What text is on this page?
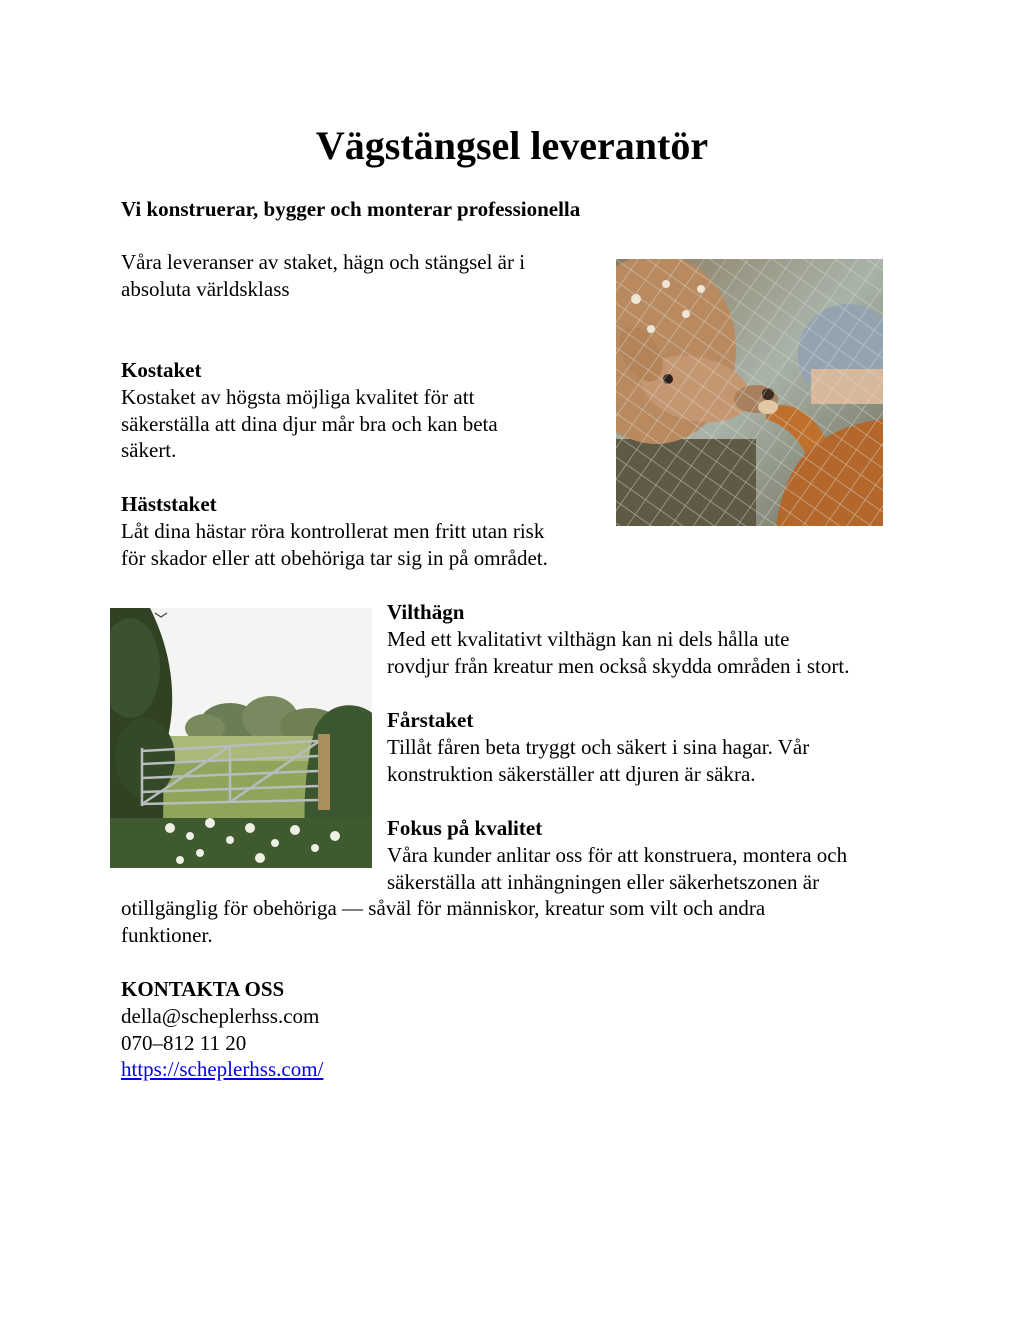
Vägstängsel leverantör

Vi konstruerar, bygger och monterar professionella

Våra leveranser av staket, hägn och stängsel är i
absoluta världsklass
Kostaket
Kostaket av högsta möjliga kvalitet för att
säkerställa att dina djur mår bra och kan beta
säkert.
Häststaket
Låt dina hästar röra kontrollerat men fritt utan risk
för skador eller att obehöriga tar sig in på området.
Vilthägn
Med ett kvalitativt vilthägn kan ni dels hålla ute
rovdjur från kreatur men också skydda områden i stort.
Fårstaket
Tillåt fåren beta tryggt och säkert i sina hagar. Vår
konstruktion säkerställer att djuren är säkra.
Fokus på kvalitet
Våra kunder anlitar oss för att konstruera, montera och
säkerställa att inhängningen eller säkerhetszonen är
otillgänglig för obehöriga — såväl för människor, kreatur som vilt och andra
funktioner.
KONTAKTA OSS
della@scheplerhss.com
070–812 11 20
https://scheplerhss.com/
